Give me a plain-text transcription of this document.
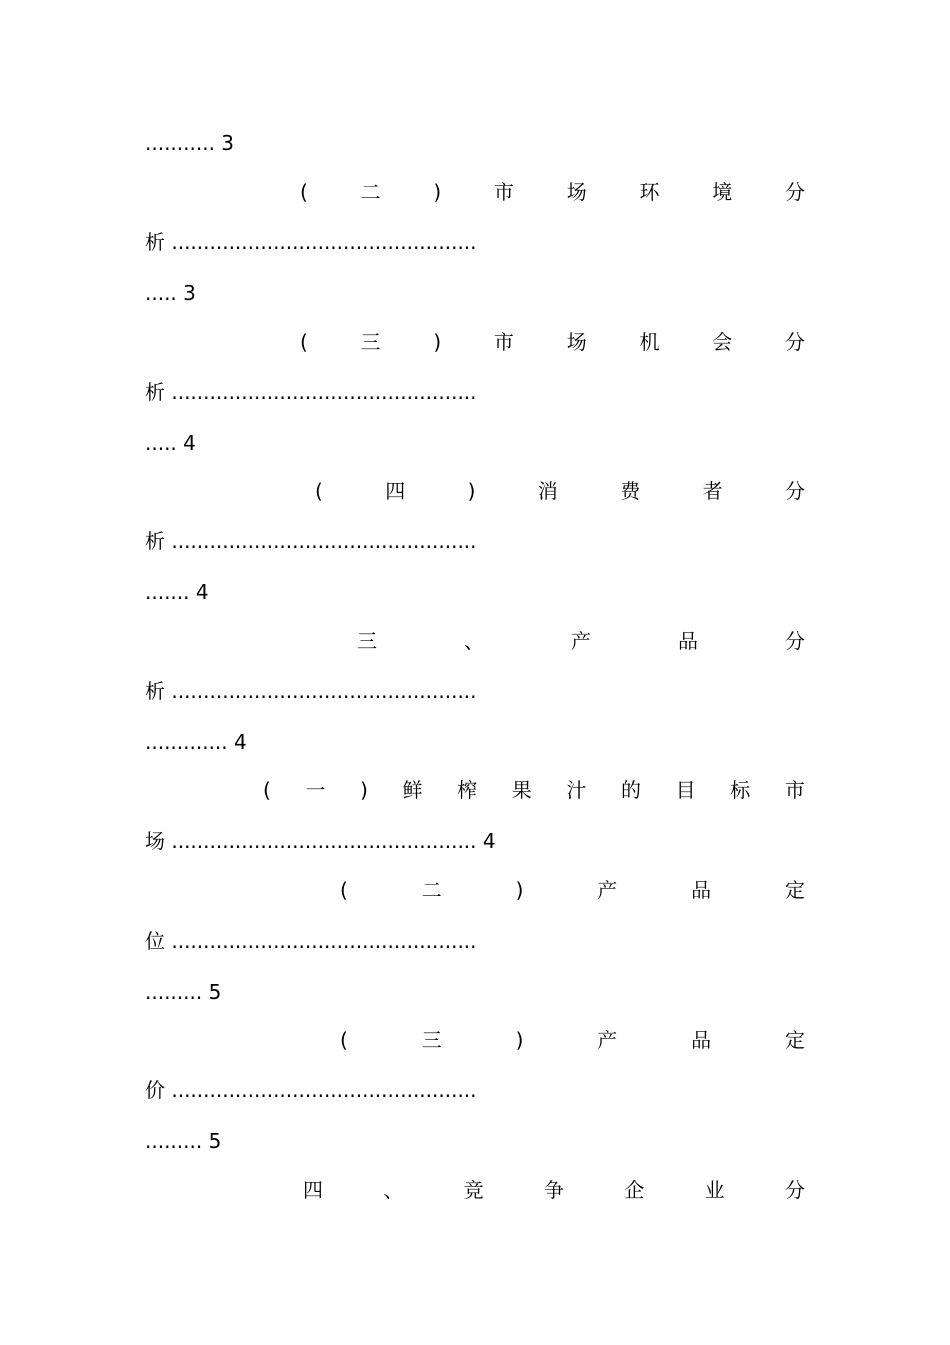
........... 3
(	二	)	市	场	环	境	分
析 ................................................
..... 3
(	三	)	市	场	机	会	分
析 ................................................
..... 4
(	四	)	消	费	者	分
析 ................................................
....... 4
三	、	产	品	分
析 ................................................
............. 4
( 一 ) 鲜 榨 果 汁 的 目 标 市
场 ................................................ 4
(	二	)	产	品	定
位 ................................................
......... 5
(	三	)	产	品	定
价 ................................................
......... 5
四	、	竞	争	企	业	分
